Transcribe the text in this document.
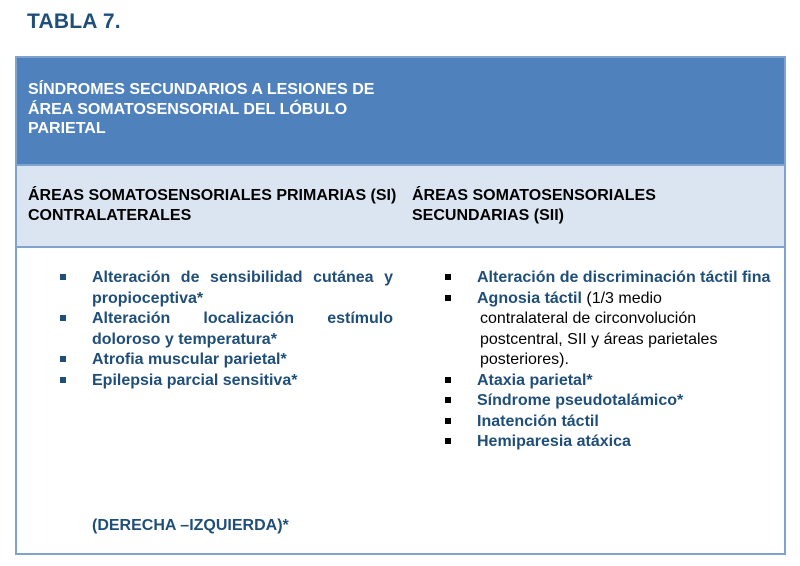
TABLA 7.
SÍNDROMES SECUNDARIOS A LESIONES DE ÁREA SOMATOSENSORIAL DEL LÓBULO PARIETAL
ÁREAS SOMATOSENSORIALES PRIMARIAS (SI) CONTRALATERALES
ÁREAS SOMATOSENSORIALES SECUNDARIAS (SII)
Alteración de sensibilidad cutánea y propioceptiva*
Alteración localización estímulo doloroso y temperatura*
Atrofia muscular parietal*
Epilepsia parcial sensitiva*
(DERECHA –IZQUIERDA)*
Alteración de discriminación táctil fina
Agnosia táctil (1/3 medio
contralateral de circonvolución postcentral, SII y áreas parietales posteriores).
Ataxia parietal*
Síndrome pseudotalámico*
Inatención táctil
Hemiparesia atáxica
